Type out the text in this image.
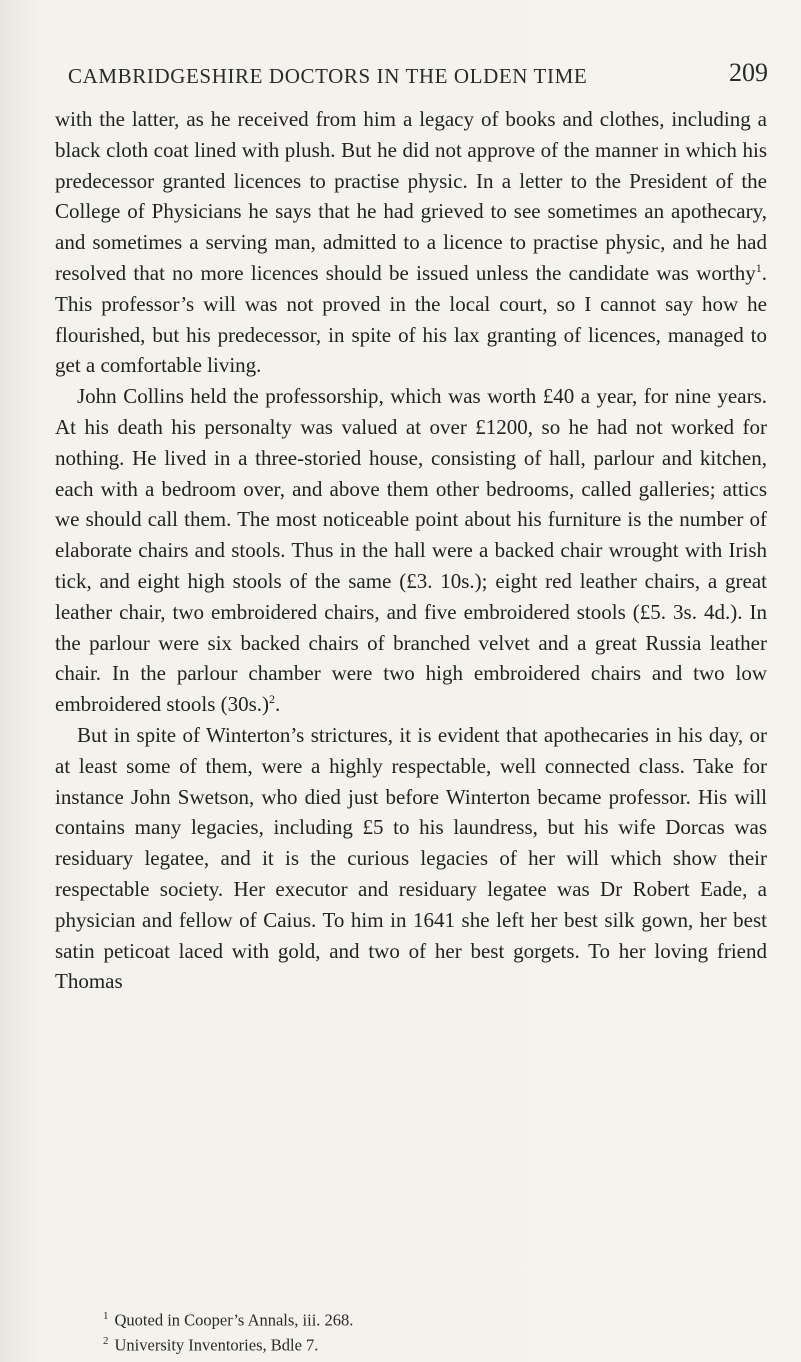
CAMBRIDGESHIRE DOCTORS IN THE OLDEN TIME	209

with the latter, as he received from him a legacy of books and clothes, including a black cloth coat lined with plush. But he did not approve of the manner in which his predecessor granted licences to practise physic. In a letter to the President of the College of Physicians he says that he had grieved to see sometimes an apothecary, and sometimes a serving man, admitted to a licence to practise physic, and he had resolved that no more licences should be issued unless the candidate was worthy$^1$. This professor’s will was not proved in the local court, so I cannot say how he flourished, but his predecessor, in spite of his lax granting of licences, managed to get a comfortable living.

John Collins held the professorship, which was worth £40 a year, for nine years. At his death his personalty was valued at over £1200, so he had not worked for nothing. He lived in a three-storied house, consisting of hall, parlour and kitchen, each with a bedroom over, and above them other bedrooms, called galleries; attics we should call them. The most noticeable point about his furniture is the number of elaborate chairs and stools. Thus in the hall were a backed chair wrought with Irish tick, and eight high stools of the same (£3. 10s.); eight red leather chairs, a great leather chair, two embroidered chairs, and five embroidered stools (£5. 3s. 4d.). In the parlour were six backed chairs of branched velvet and a great Russia leather chair. In the parlour chamber were two high embroidered chairs and two low embroidered stools $(30s.)^2$.

But in spite of Winterton’s strictures, it is evident that apothecaries in his day, or at least some of them, were a highly respectable, well connected class. Take for instance John Swetson, who died just before Winterton became professor. His will contains many legacies, including £5 to his laundress, but his wife Dorcas was residuary legatee, and it is the curious legacies of her will which show their respectable society. Her executor and residuary legatee was Dr Robert Eade, a physician and fellow of Caius. To him in 1641 she left her best silk gown, her best satin peticoat laced with gold, and two of her best gorgets. To her loving friend Thomas

$^1$ Quoted in Cooper’s Annals, iii. 268.
$^2$ University Inventories, Bdle 7.
